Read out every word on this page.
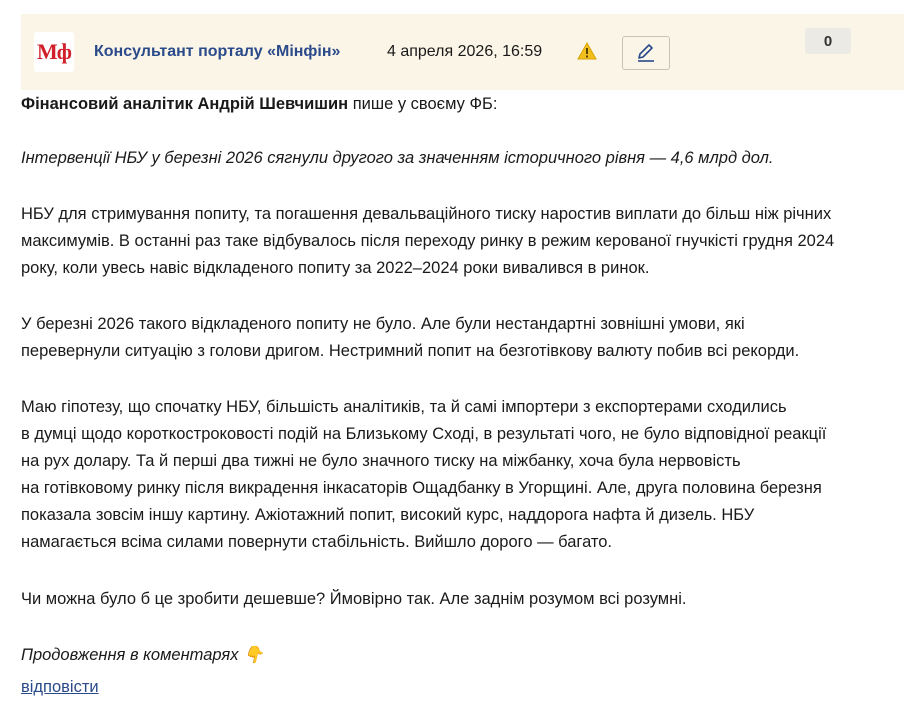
Мф Консультант порталу «Мінфін»	4 апреля 2026, 16:59
0
Фінансовий аналітик Андрій Шевчишин пише у своєму ФБ:
Інтервенції НБУ у березні 2026 сягнули другого за значенням історичного рівня — 4,6 млрд дол.
НБУ для стримування попиту, та погашення девальваційного тиску наростив виплати до більш ніж річних
максимумів. В останні раз таке відбувалось після переходу ринку в режим керованої гнучкісті грудня 2024
року, коли увесь навіс відкладеного попиту за 2022–2024 роки вивалився в ринок.
У березні 2026 такого відкладеного попиту не було. Але були нестандартні зовнішні умови, які
перевернули ситуацію з голови дригом. Нестримний попит на безготівкову валюту побив всі рекорди.
Маю гіпотезу, що спочатку НБУ, більшість аналітиків, та й самі імпортери з експортерами сходились
в думці щодо короткостроковості подій на Близькому Сході, в результаті чого, не було відповідної реакції
на рух долару. Та й перші два тижні не було значного тиску на міжбанку, хоча була нервовість
на готівковому ринку після викрадення інкасаторів Ощадбанку в Угорщині. Але, друга половина березня
показала зовсім іншу картину. Ажіотажний попит, високий курс, наддорога нафта й дизель. НБУ
намагається всіма силами повернути стабільність. Вийшло дорого — багато.
Чи можна було б це зробити дешевше? Ймовірно так. Але заднім розумом всі розумні.
Продовження в коментарях 👇
відповісти
